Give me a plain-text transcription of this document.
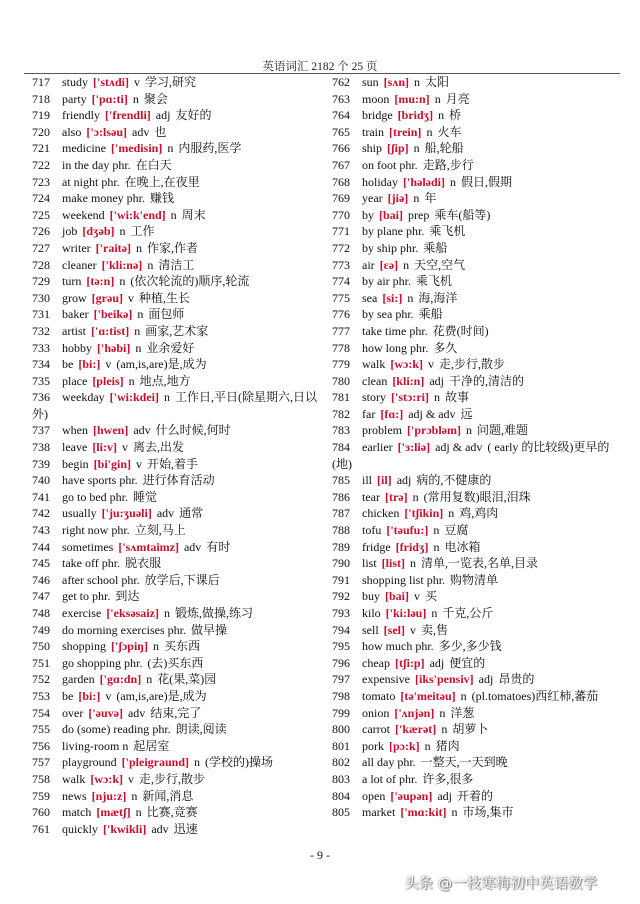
英语词汇 2182 个 25 页
717 study ['stʌdi] v 学习,研究
718 party ['pɑ:ti] n 聚会
719 friendly ['frendli] adj 友好的
720 also ['ɔ:lsəu] adv 也
721 medicine ['medisin] n 内服药,医学
722 in the day phr. 在白天
723 at night phr. 在晚上,在夜里
724 make money phr. 赚钱
725 weekend ['wi:k'end] n 周末
726 job [dʒəb] n 工作
727 writer ['raitə] n 作家,作者
728 cleaner ['kli:nə] n 清洁工
729 turn [tə:n] n (依次轮流的)顺序,轮流
730 grow [grəu] v 种植,生长
731 baker ['beikə] n 面包师
732 artist ['ɑ:tist] n 画家,艺术家
733 hobby ['həbi] n 业余爱好
734 be [bi:] v (am,is,are)是,成为
735 place [pleis] n 地点,地方
736 weekday ['wi:kdei] n 工作日,平日(除星期六,日以外)
737 when [hwen] adv 什么时候,何时
738 leave [li:v] v 离去,出发
739 begin [bi'gin] v 开始,着手
740 have sports phr. 进行体育活动
741 go to bed phr. 睡觉
742 usually ['ju:ʒuəli] adv 通常
743 right now phr. 立刻,马上
744 sometimes ['sʌmtaimz] adv 有时
745 take off phr. 脱衣服
746 after school phr. 放学后,下课后
747 get to phr. 到达
748 exercise ['eksəsaiz] n 锻炼,做操,练习
749 do morning exercises phr. 做早操
750 shopping ['ʃɔpiŋ] n 买东西
751 go shopping phr. (去)买东西
752 garden ['gɑ:dn] n 花(果,菜)园
753 be [bi:] v (am,is,are)是,成为
754 over ['əuvə] adv 结束,完了
755 do (some) reading phr. 朗读,阅读
756 living-room n 起居室
757 playground ['pleigraund] n (学校的)操场
758 walk [wɔ:k] v 走,步行,散步
759 news [nju:z] n 新闻,消息
760 match [mætʃ] n 比赛,竞赛
761 quickly ['kwikli] adv 迅速
762 sun [sʌn] n 太阳
763 moon [mu:n] n 月亮
764 bridge [bridʒ] n 桥
765 train [trein] n 火车
766 ship [ʃip] n 船,轮船
767 on foot phr. 走路,步行
768 holiday ['hələdi] n 假日,假期
769 year [jiə] n 年
770 by [bai] prep 乘车(船等)
771 by plane phr. 乘飞机
772 by ship phr. 乘船
773 air [ɛə] n 天空,空气
774 by air phr. 乘飞机
775 sea [si:] n 海,海洋
776 by sea phr. 乘船
777 take time phr. 花费(时间)
778 how long phr. 多久
779 walk [wɔ:k] v 走,步行,散步
780 clean [kli:n] adj 干净的,清洁的
781 story ['stɔ:ri] n 故事
782 far [fɑ:] adj & adv 远
783 problem ['prɔbləm] n 问题,难题
784 earlier ['ɜ:liə] adj & adv ( early 的比较级)更早的(地)
785 ill [il] adj 病的,不健康的
786 tear [trə] n (常用复数)眼泪,泪珠
787 chicken ['tʃikin] n 鸡,鸡肉
788 tofu ['təufu:] n 豆腐
789 fridge [fridʒ] n 电冰箱
790 list [list] n 清单,一览表,名单,目录
791 shopping list phr. 购物清单
792 buy [bai] v 买
793 kilo ['ki:ləu] n 千克,公斤
794 sell [sel] v 卖,售
795 how much phr. 多少,多少钱
796 cheap [tʃi:p] adj 便宜的
797 expensive [iks'pensiv] adj 昂贵的
798 tomato [tə'meitəu] n (pl.tomatoes)西红柿,蕃茄
799 onion ['ʌnjən] n 洋葱
800 carrot ['kærət] n 胡萝卜
801 pork [pɔ:k] n 猪肉
802 all day phr. 一整天,一天到晚
803 a lot of phr. 许多,很多
804 open ['əupən] adj 开着的
805 market ['mɑ:kit] n 市场,集市
- 9 -
头条 @一枝寒梅初中英语数学
